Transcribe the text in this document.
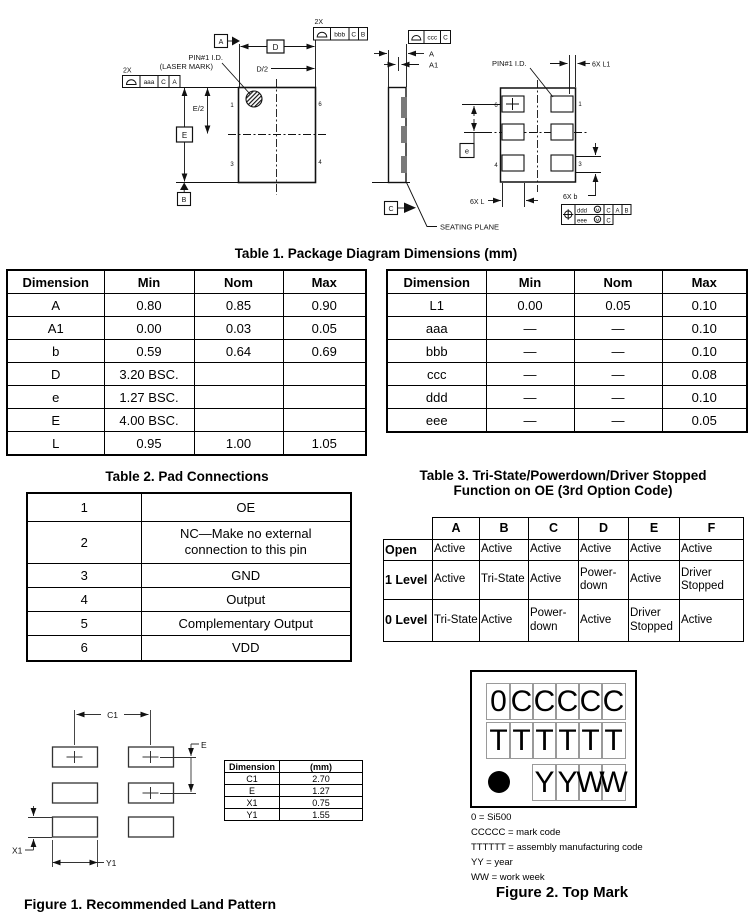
PIN#1 I.D.
(LASER MARK)
D
D/2
E
E/2
A
B
2X
aaa C A
2X
bbb C B
1	6
3	4
ccc C
A
A1
C
SEATING PLANE
6	1
4	3
PIN#1 I.D.	6X L1
e
6X L
6X b
ddd M C A B
eee M C
Table 1. Package Diagram Dimensions (mm)
Dimension	Min	Nom	Max
A	0.80	0.85	0.90
A1	0.00	0.03	0.05
b	0.59	0.64	0.69
D	3.20 BSC.		
e	1.27 BSC.		
E	4.00 BSC.		
L	0.95	1.00	1.05
Dimension	Min	Nom	Max
L1	0.00	0.05	0.10
aaa	—	—	0.10
bbb	—	—	0.10
ccc	—	—	0.08
ddd	—	—	0.10
eee	—	—	0.05
Table 2. Pad Connections
1	OE
2	NC—Make no external connection to this pin
3	GND
4	Output
5	Complementary Output
6	VDD
Table 3. Tri-State/Powerdown/Driver Stopped
Function on OE (3rd Option Code)
	A	B	C	D	E	F
Open	Active	Active	Active	Active	Active	Active
1 Level	Active	Tri-State	Active	Power-down	Active	Driver Stopped
0 Level	Tri-State	Active	Power-down	Active	Driver Stopped	Active
C1
E
X1
Y1
Dimension	(mm)
C1	2.70
E	1.27
X1	0.75
Y1	1.55
Figure 1. Recommended Land Pattern
0 C C C C C
T T T T T T
Y Y
W
W
0 = Si500
CCCCC = mark code
TTTTTT = assembly manufacturing code
YY = year
WW = work week
Figure 2. Top Mark
